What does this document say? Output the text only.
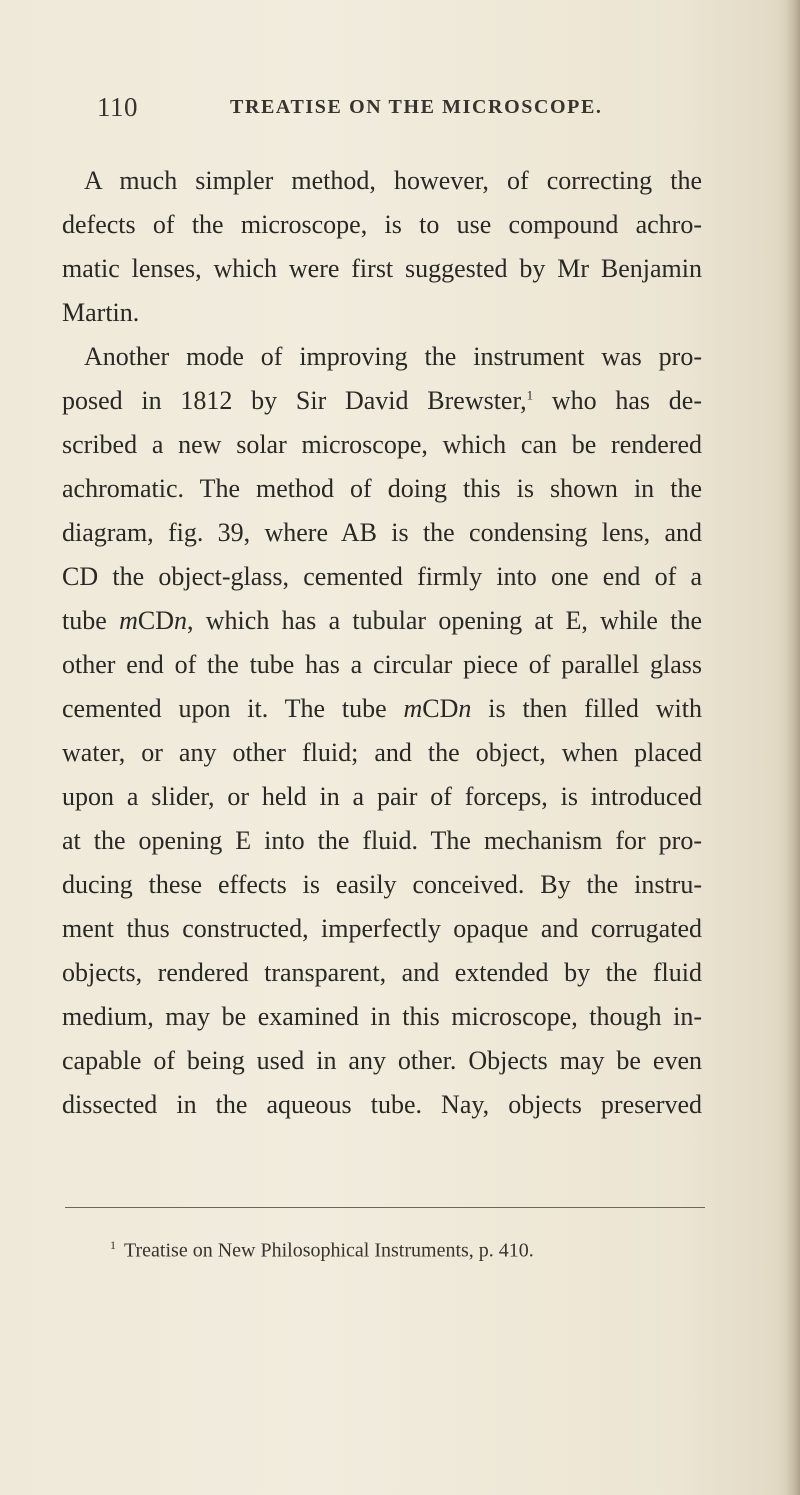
110	TREATISE ON THE MICROSCOPE.
A much simpler method, however, of correcting the
defects of the microscope, is to use compound achro-
matic lenses, which were first suggested by Mr Benjamin
Martin.
Another mode of improving the instrument was pro-
posed in 1812 by Sir David Brewster,$^1$ who has de-
scribed a new solar microscope, which can be rendered
achromatic. The method of doing this is shown in the
diagram, fig. 39, where AB is the condensing lens, and
CD the object-glass, cemented firmly into one end of a
tube mCDn, which has a tubular opening at E, while the
other end of the tube has a circular piece of parallel glass
cemented upon it. The tube mCDn is then filled with
water, or any other fluid; and the object, when placed
upon a slider, or held in a pair of forceps, is introduced
at the opening E into the fluid. The mechanism for pro-
ducing these effects is easily conceived. By the instru-
ment thus constructed, imperfectly opaque and corrugated
objects, rendered transparent, and extended by the fluid
medium, may be examined in this microscope, though in-
capable of being used in any other. Objects may be even
dissected in the aqueous tube. Nay, objects preserved
$^1$ Treatise on New Philosophical Instruments, p. 410.
